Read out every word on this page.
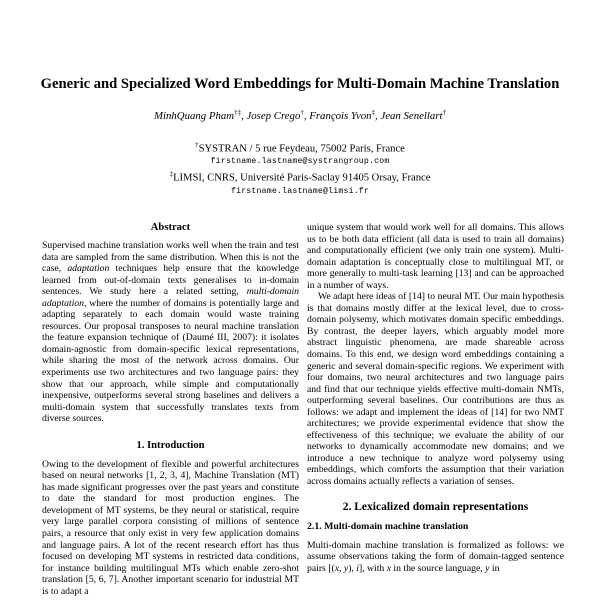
Generic and Specialized Word Embeddings for Multi-Domain Machine Translation
MinhQuang Pham†‡, Josep Crego†, François Yvon‡, Jean Senellart†
†SYSTRAN / 5 rue Feydeau, 75002 Paris, France
firstname.lastname@systrangroup.com
‡LIMSI, CNRS, Université Paris-Saclay 91405 Orsay, France
firstname.lastname@limsi.fr
Abstract

Supervised machine translation works well when the train and test data are sampled from the same distribution. When this is not the case, adaptation techniques help ensure that the knowledge learned from out-of-domain texts generalises to in-domain sentences. We study here a related setting, multi-domain adaptation, where the number of domains is potentially large and adapting separately to each domain would waste training resources. Our proposal transposes to neural machine translation the feature expansion technique of (Daumé III, 2007): it isolates domain-agnostic from domain-specific lexical representations, while sharing the most of the network across domains. Our experiments use two architectures and two language pairs: they show that our approach, while simple and computationally inexpensive, outperforms several strong baselines and delivers a multi-domain system that successfully translates texts from diverse sources.

1. Introduction

Owing to the development of flexible and powerful architectures based on neural networks [1, 2, 3, 4], Machine Translation (MT) has made significant progresses over the past years and constitute to date the standard for most production engines. The development of MT systems, be they neural or statistical, require very large parallel corpora consisting of millions of sentence pairs, a resource that only exist in very few application domains and language pairs. A lot of the recent research effort has thus focused on developing MT systems in restricted data conditions, for instance building multilingual MTs which enable zero-shot translation [5, 6, 7]. Another important scenario for industrial MT is to adapt a

unique system that would work well for all domains. This allows us to be both data efficient (all data is used to train all domains) and computationally efficient (we only train one system). Multi-domain adaptation is conceptually close to multilingual MT, or more generally to multi-task learning [13] and can be approached in a number of ways.

We adapt here ideas of [14] to neural MT. Our main hypothesis is that domains mostly differ at the lexical level, due to cross-domain polysemy, which motivates domain specific embeddings. By contrast, the deeper layers, which arguably model more abstract linguistic phenomena, are made shareable across domains. To this end, we design word embeddings containing a generic and several domain-specific regions. We experiment with four domains, two neural architectures and two language pairs and find that our technique yields effective multi-domain NMTs, outperforming several baselines. Our contributions are thus as follows: we adapt and implement the ideas of [14] for two NMT architectures; we provide experimental evidence that show the effectiveness of this technique; we evaluate the ability of our networks to dynamically accommodate new domains; and we introduce a new technique to analyze word polysemy using embeddings, which comforts the assumption that their variation across domains actually reflects a variation of senses.

2. Lexicalized domain representations
2.1. Multi-domain machine translation

Multi-domain machine translation is formalized as follows: we assume observations taking the form of domain-tagged sentence pairs [(x, y), i], with x in the source language, y in
